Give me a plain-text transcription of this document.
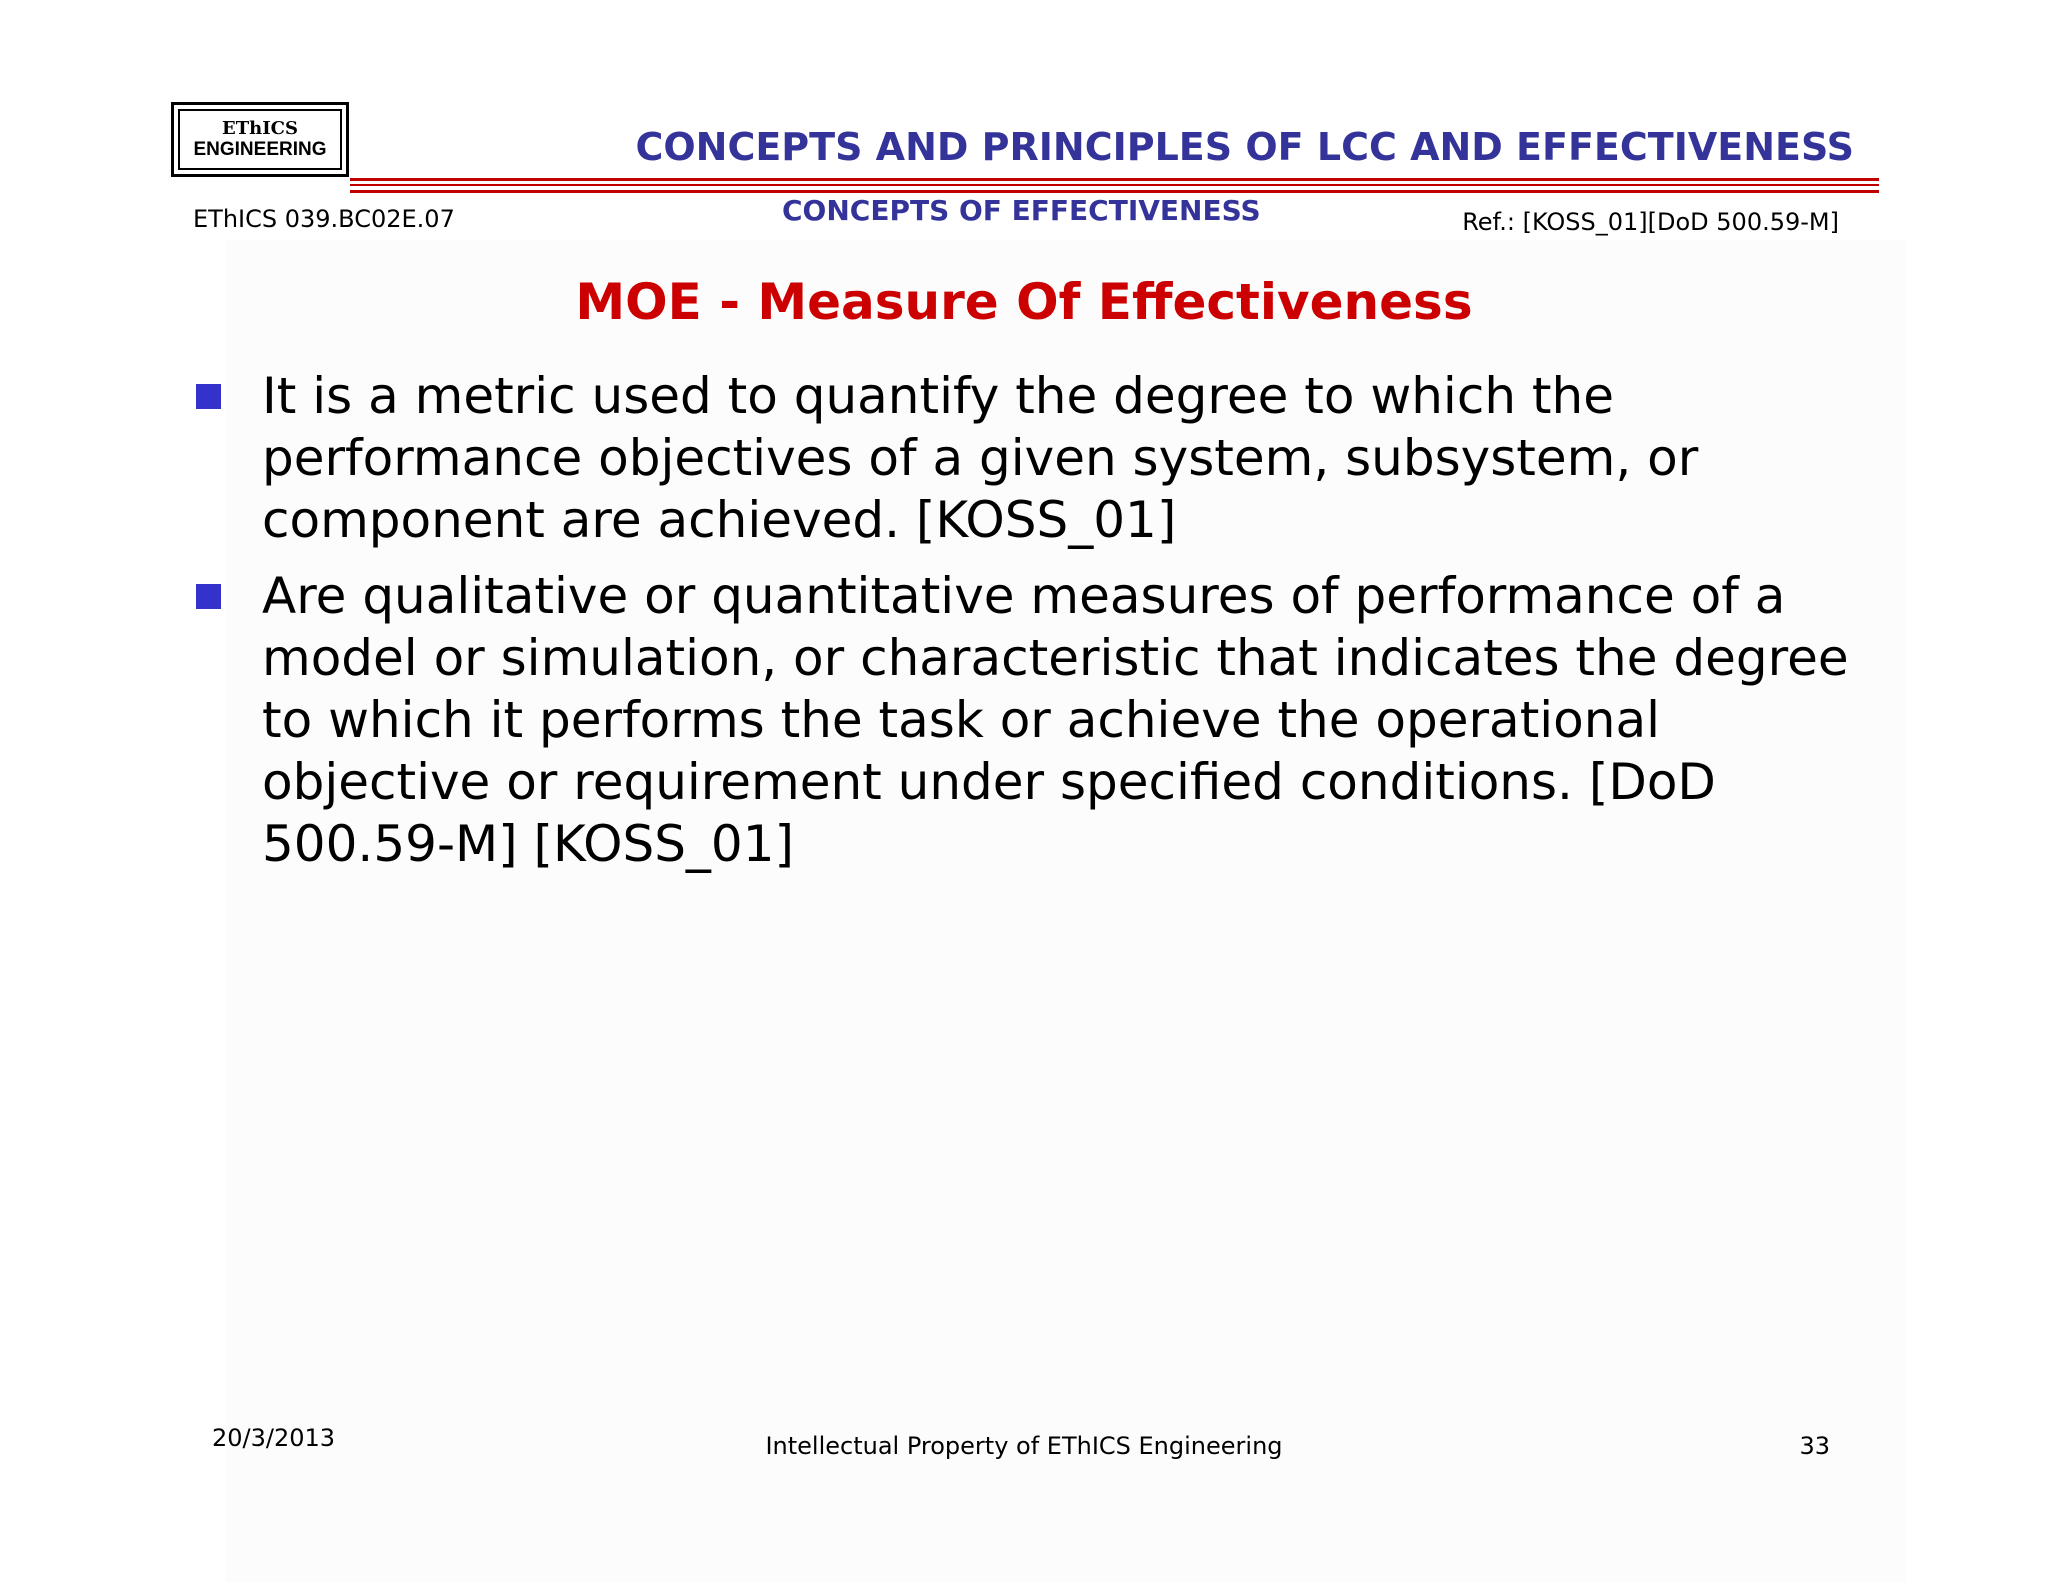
EThICS
ENGINEERING	CONCEPTS AND PRINCIPLES OF LCC AND EFFECTIVENESS
EThICS 039.BC02E.07	CONCEPTS OF EFFECTIVENESS	Ref.: [KOSS_01][DoD 500.59-M]
MOE - Measure Of Effectiveness

It is a metric used to quantify the degree to which the performance objectives of a given system, subsystem, or component are achieved. [KOSS_01]

Are qualitative or quantitative measures of performance of a model or simulation, or characteristic that indicates the degree to which it performs the task or achieve the operational objective or requirement under specified conditions. [DoD 500.59-M] [KOSS_01]

20/3/2013	Intellectual Property of EThICS Engineering	33
